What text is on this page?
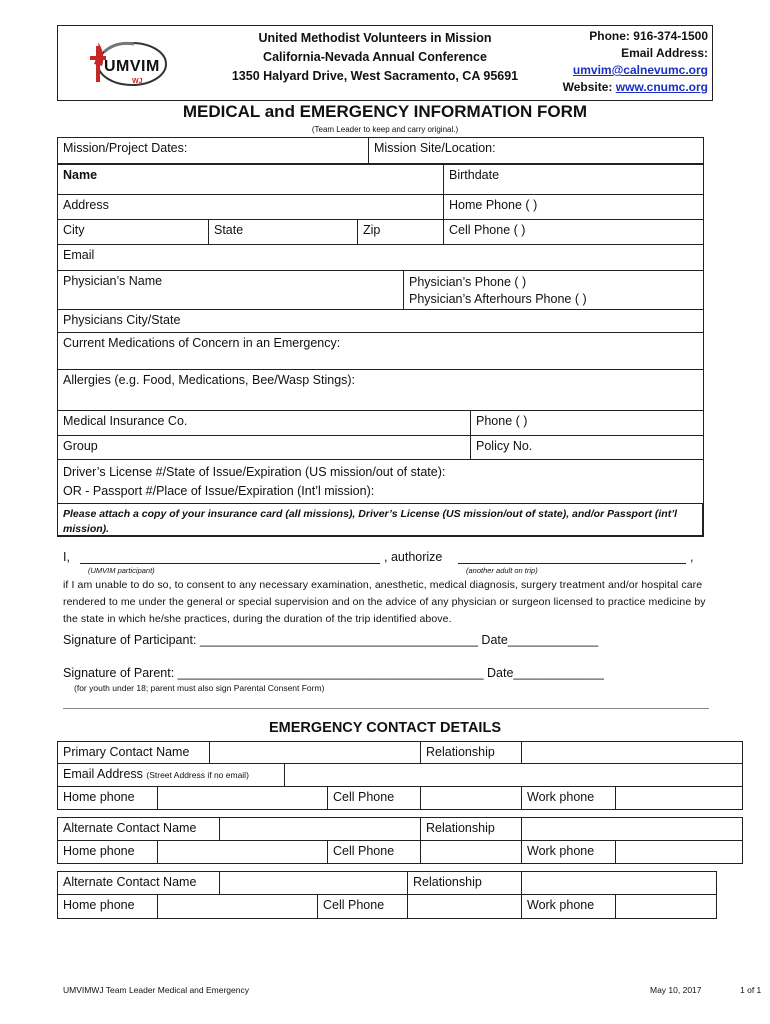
UMVIM
WJ
United Methodist Volunteers in Mission
California-Nevada Annual Conference
1350 Halyard Drive, West Sacramento, CA 95691
Phone: 916-374-1500
Email Address:
umvim@calnevumc.org
Website: www.cnumc.org
MEDICAL and EMERGENCY INFORMATION FORM
(Team Leader to keep and carry original.)
Mission/Project Dates:	Mission Site/Location:
Name	Birthdate
Address	Home Phone ( )
City	State	Zip	Cell Phone ( )
Email
Physician’s Name	Physician’s Phone ( )
Physician’s Afterhours Phone ( )
Physicians City/State
Current Medications of Concern in an Emergency:
Allergies (e.g. Food, Medications, Bee/Wasp Stings):
Medical Insurance Co.	Phone ( )
Group	Policy No.
Driver’s License #/State of Issue/Expiration (US mission/out of state):
OR - Passport #/Place of Issue/Expiration (Int’l mission):
Please attach a copy of your insurance card (all missions), Driver’s License (US mission/out of state), and/or Passport (int’l mission).
I,	, authorize	,
(UMVIM participant)	(another adult on trip)
if I am unable to do so, to consent to any necessary examination, anesthetic, medical diagnosis, surgery treatment and/or hospital care rendered to me under the general or special supervision and on the advice of any physician or surgeon licensed to practice medicine by the state in which he/she practices, during the duration of the trip identified above.
Signature of Participant: ________________________________________ Date_____________
Signature of Parent: ____________________________________________ Date_____________
(for youth under 18; parent must also sign Parental Consent Form)
EMERGENCY CONTACT DETAILS
Primary Contact Name	Relationship
Email Address (Street Address if no email)
Home phone	Cell Phone	Work phone
Alternate Contact Name	Relationship
Home phone	Cell Phone	Work phone
Alternate Contact Name	Relationship
Home phone	Cell Phone	Work phone
UMVIMWJ Team Leader Medical and Emergency	May 10, 2017	1 of 1
